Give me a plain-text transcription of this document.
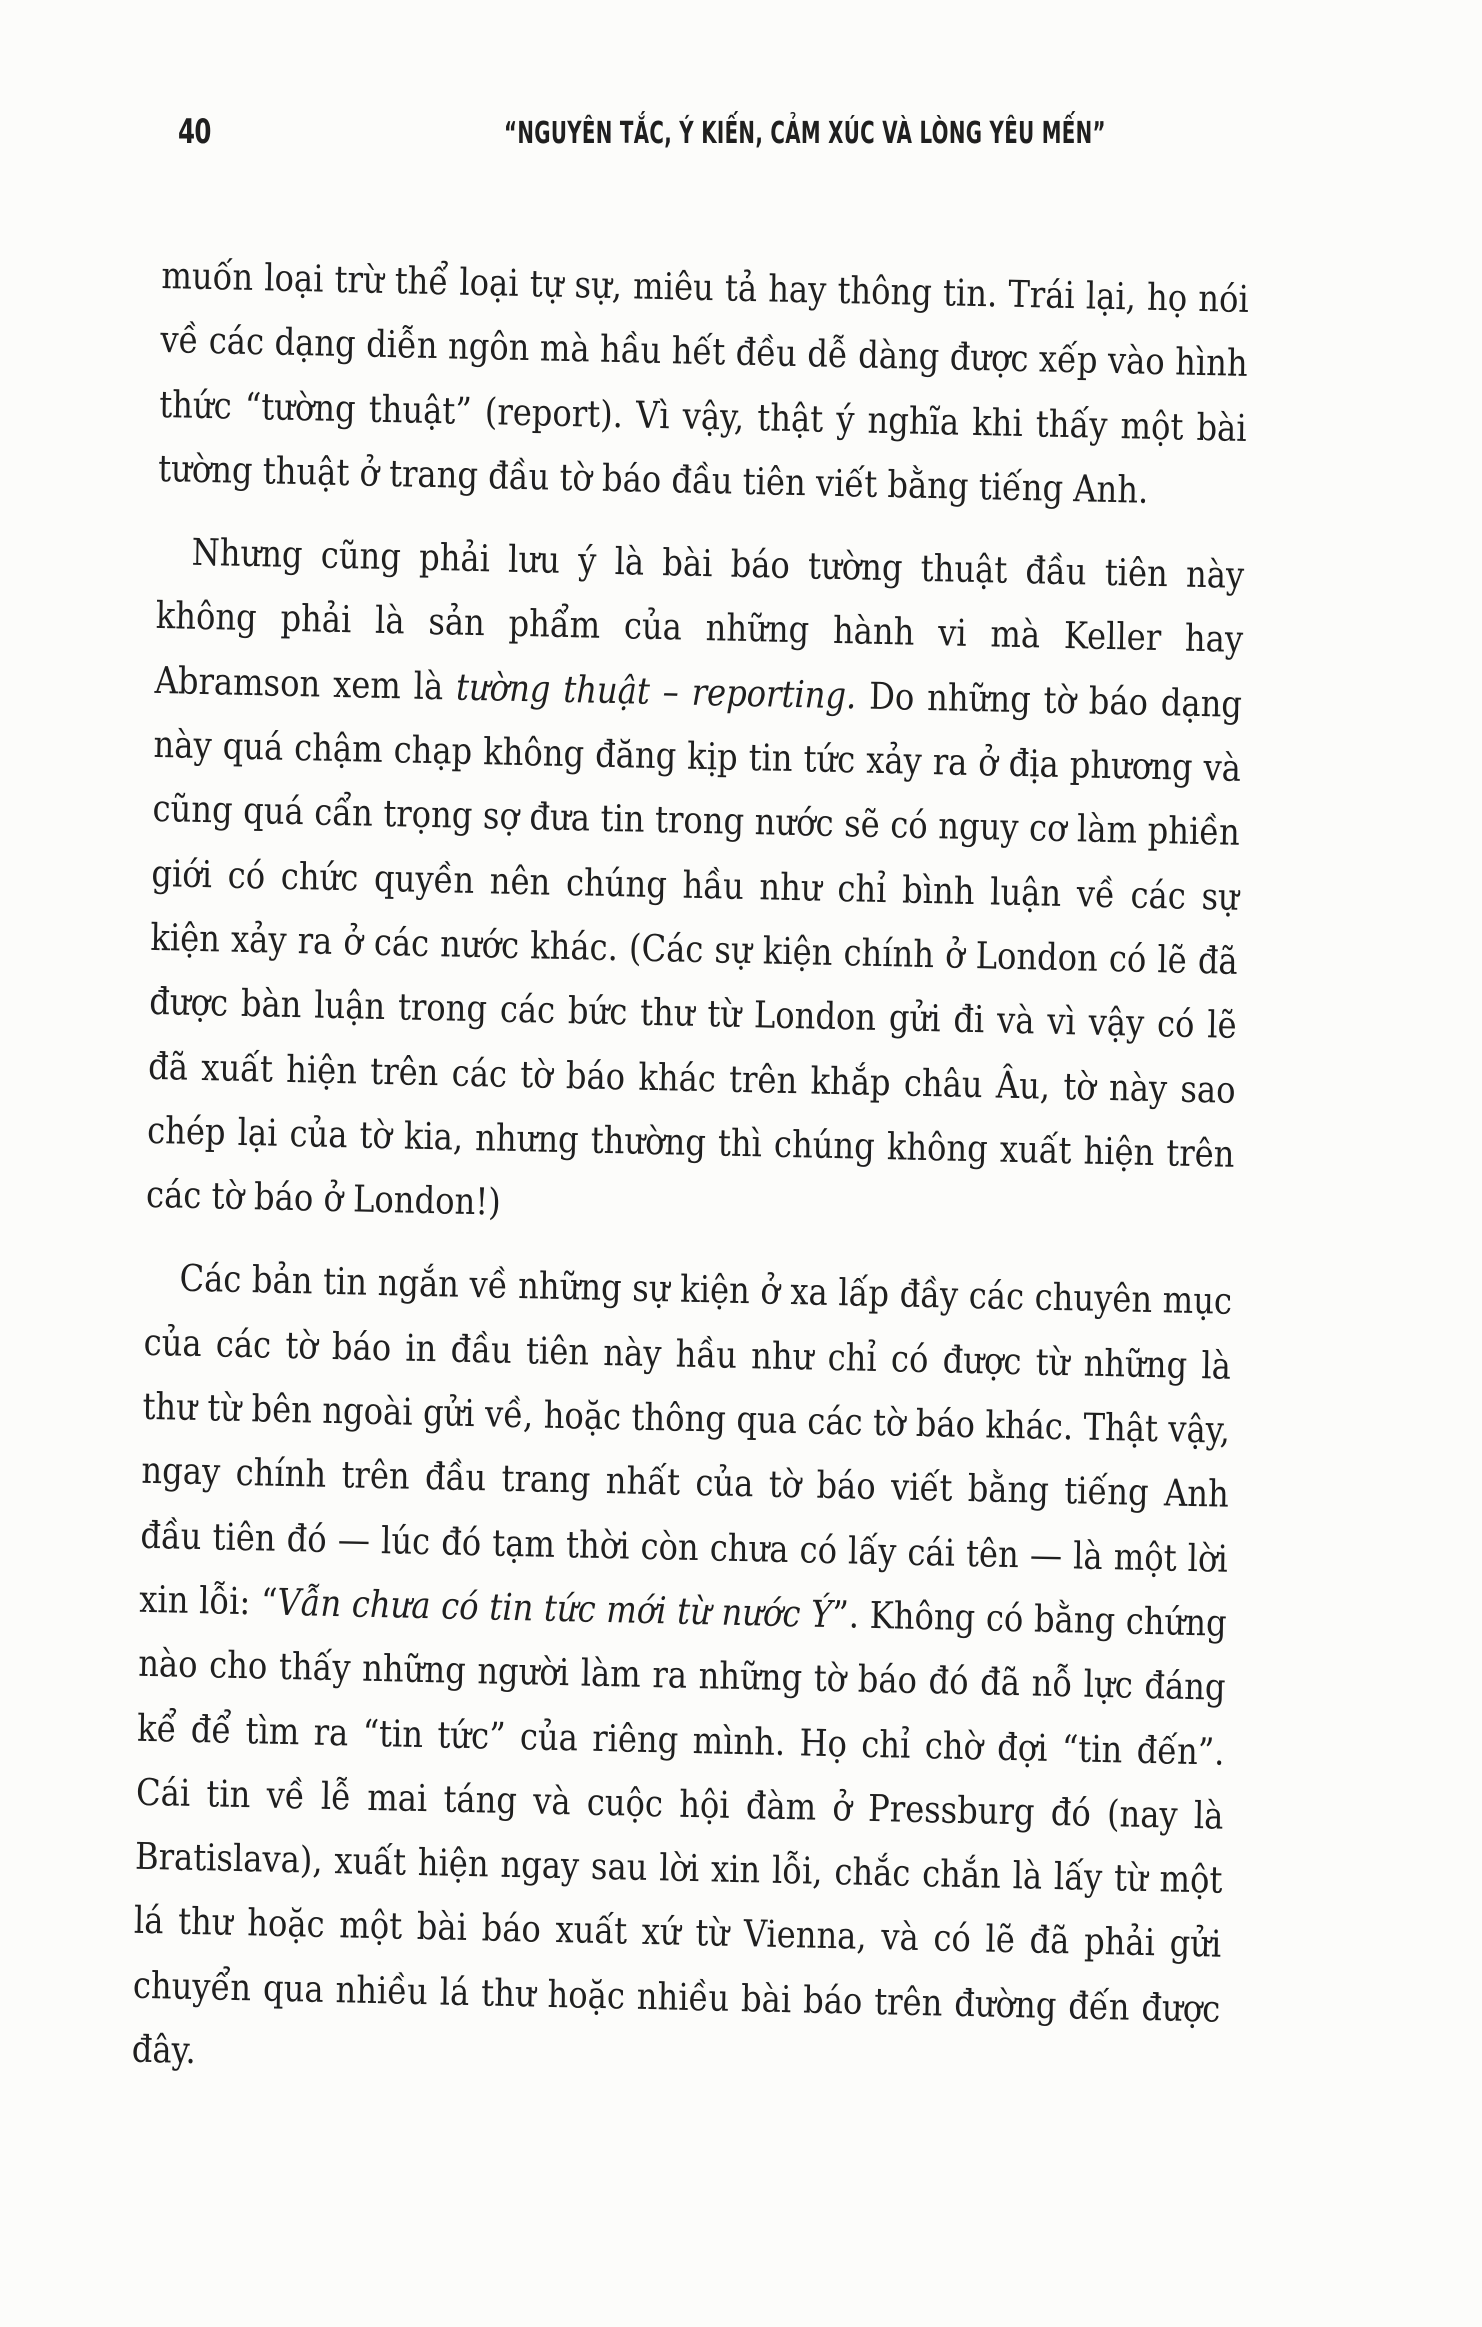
40	“NGUYÊN TẮC, Ý KIẾN, CẢM XÚC VÀ LÒNG YÊU MẾN”

muốn loại trừ thể loại tự sự, miêu tả hay thông tin. Trái lại, họ nói về các dạng diễn ngôn mà hầu hết đều dễ dàng được xếp vào hình thức “tường thuật” (report). Vì vậy, thật ý nghĩa khi thấy một bài tường thuật ở trang đầu tờ báo đầu tiên viết bằng tiếng Anh.

Nhưng cũng phải lưu ý là bài báo tường thuật đầu tiên này không phải là sản phẩm của những hành vi mà Keller hay Abramson xem là tường thuật – reporting. Do những tờ báo dạng này quá chậm chạp không đăng kịp tin tức xảy ra ở địa phương và cũng quá cẩn trọng sợ đưa tin trong nước sẽ có nguy cơ làm phiền giới có chức quyền nên chúng hầu như chỉ bình luận về các sự kiện xảy ra ở các nước khác. (Các sự kiện chính ở London có lẽ đã được bàn luận trong các bức thư từ London gửi đi và vì vậy có lẽ đã xuất hiện trên các tờ báo khác trên khắp châu Âu, tờ này sao chép lại của tờ kia, nhưng thường thì chúng không xuất hiện trên các tờ báo ở London!)

Các bản tin ngắn về những sự kiện ở xa lấp đầy các chuyên mục của các tờ báo in đầu tiên này hầu như chỉ có được từ những là thư từ bên ngoài gửi về, hoặc thông qua các tờ báo khác. Thật vậy, ngay chính trên đầu trang nhất của tờ báo viết bằng tiếng Anh đầu tiên đó — lúc đó tạm thời còn chưa có lấy cái tên — là một lời xin lỗi: “Vẫn chưa có tin tức mới từ nước Ý”. Không có bằng chứng nào cho thấy những người làm ra những tờ báo đó đã nỗ lực đáng kể để tìm ra “tin tức” của riêng mình. Họ chỉ chờ đợi “tin đến”. Cái tin về lễ mai táng và cuộc hội đàm ở Pressburg đó (nay là Bratislava), xuất hiện ngay sau lời xin lỗi, chắc chắn là lấy từ một lá thư hoặc một bài báo xuất xứ từ Vienna, và có lẽ đã phải gửi chuyển qua nhiều lá thư hoặc nhiều bài báo trên đường đến được đây.
